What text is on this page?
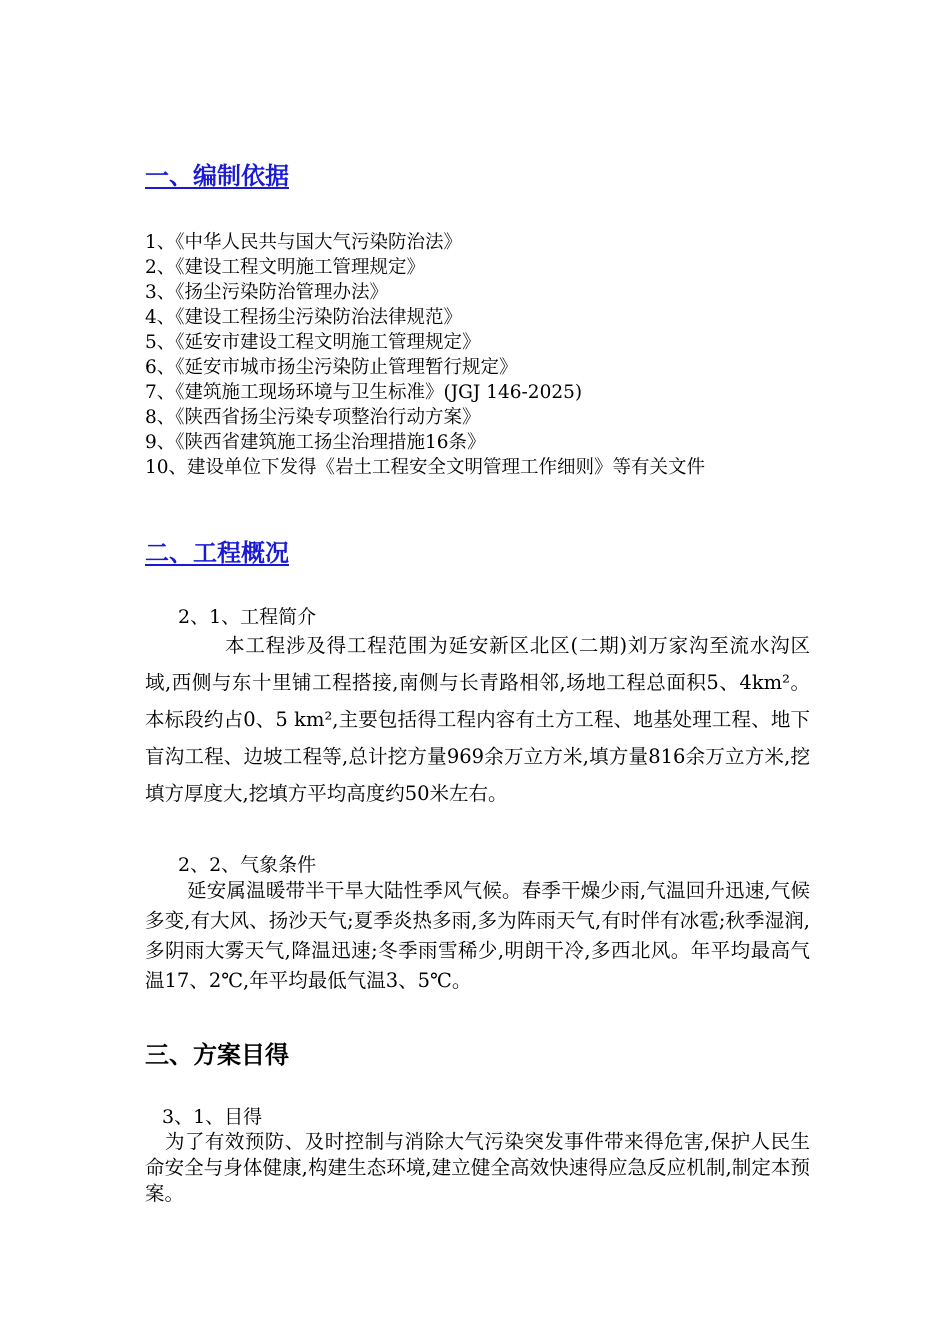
一、编制依据
1、《中华人民共与国大气污染防治法》
2、《建设工程文明施工管理规定》
3、《扬尘污染防治管理办法》
4、《建设工程扬尘污染防治法律规范》
5、《延安市建设工程文明施工管理规定》
6、《延安市城市扬尘污染防止管理暂行规定》
7、《建筑施工现场环境与卫生标准》(JGJ 146-2025)
8、《陕西省扬尘污染专项整治行动方案》
9、《陕西省建筑施工扬尘治理措施16条》
10、建设单位下发得《岩土工程安全文明管理工作细则》等有关文件
二、工程概况

2、1、工程简介

本工程涉及得工程范围为延安新区北区(二期)刘万家沟至流水沟区域,西侧与东十里铺工程搭接,南侧与长青路相邻,场地工程总面积5、4km²。本标段约占0、5 km²,主要包括得工程内容有土方工程、地基处理工程、地下盲沟工程、边坡工程等,总计挖方量969余万立方米,填方量816余万立方米,挖填方厚度大,挖填方平均高度约50米左右。

2、2、气象条件

延安属温暖带半干旱大陆性季风气候。春季干燥少雨,气温回升迅速,气候多变,有大风、扬沙天气;夏季炎热多雨,多为阵雨天气,有时伴有冰雹;秋季湿润,多阴雨大雾天气,降温迅速;冬季雨雪稀少,明朗干冷,多西北风。年平均最高气温17、2℃,年平均最低气温3、5℃。

三、方案目得

3、1、目得

为了有效预防、及时控制与消除大气污染突发事件带来得危害,保护人民生命安全与身体健康,构建生态环境,建立健全高效快速得应急反应机制,制定本预案。
